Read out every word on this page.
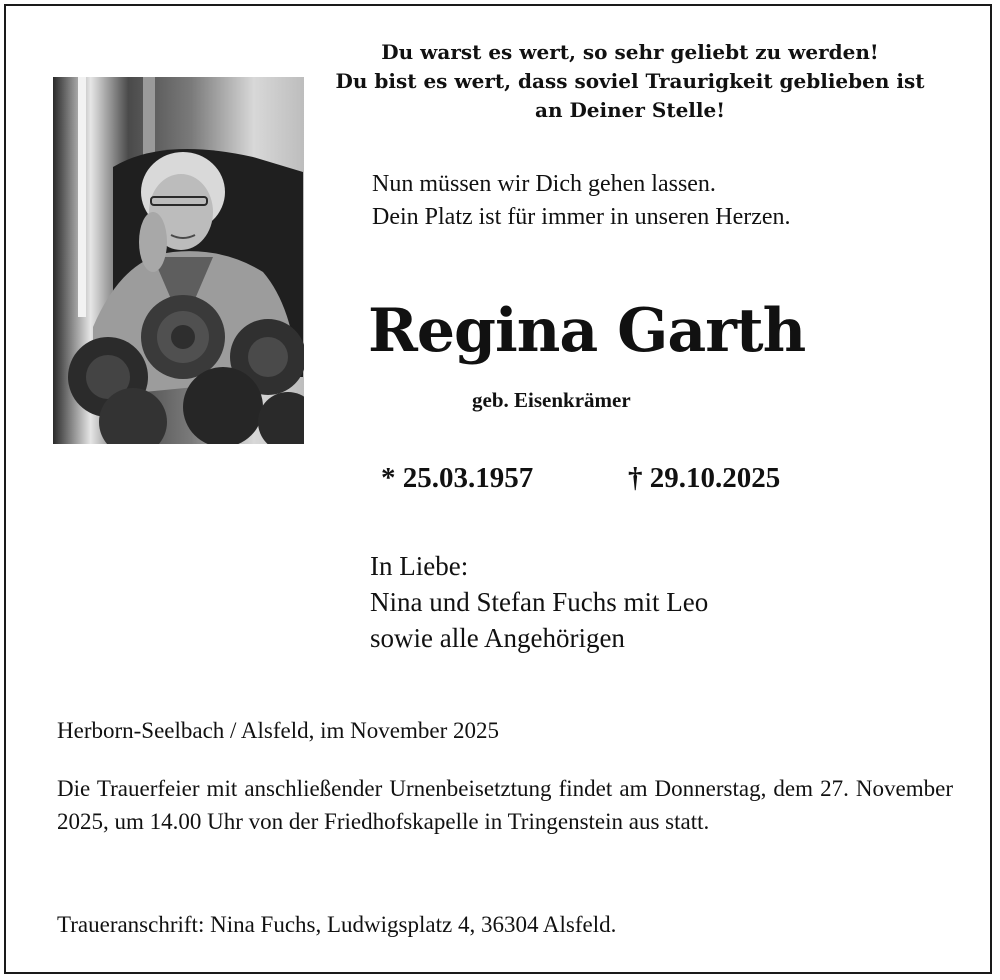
Du warst es wert, so sehr geliebt zu werden!
Du bist es wert, dass soviel Traurigkeit geblieben ist
an Deiner Stelle!
Nun müssen wir Dich gehen lassen.
Dein Platz ist für immer in unseren Herzen.
Regina Garth
geb. Eisenkrämer
* 25.03.1957	† 29.10.2025
In Liebe:
Nina und Stefan Fuchs mit Leo
sowie alle Angehörigen
Herborn-Seelbach / Alsfeld, im November 2025
Die Trauerfeier mit anschließender Urnenbeisetztung findet am Donnerstag, dem 27. November 2025, um 14.00 Uhr von der Friedhofskapelle in Tringenstein aus statt.
Traueranschrift: Nina Fuchs, Ludwigsplatz 4, 36304 Alsfeld.
